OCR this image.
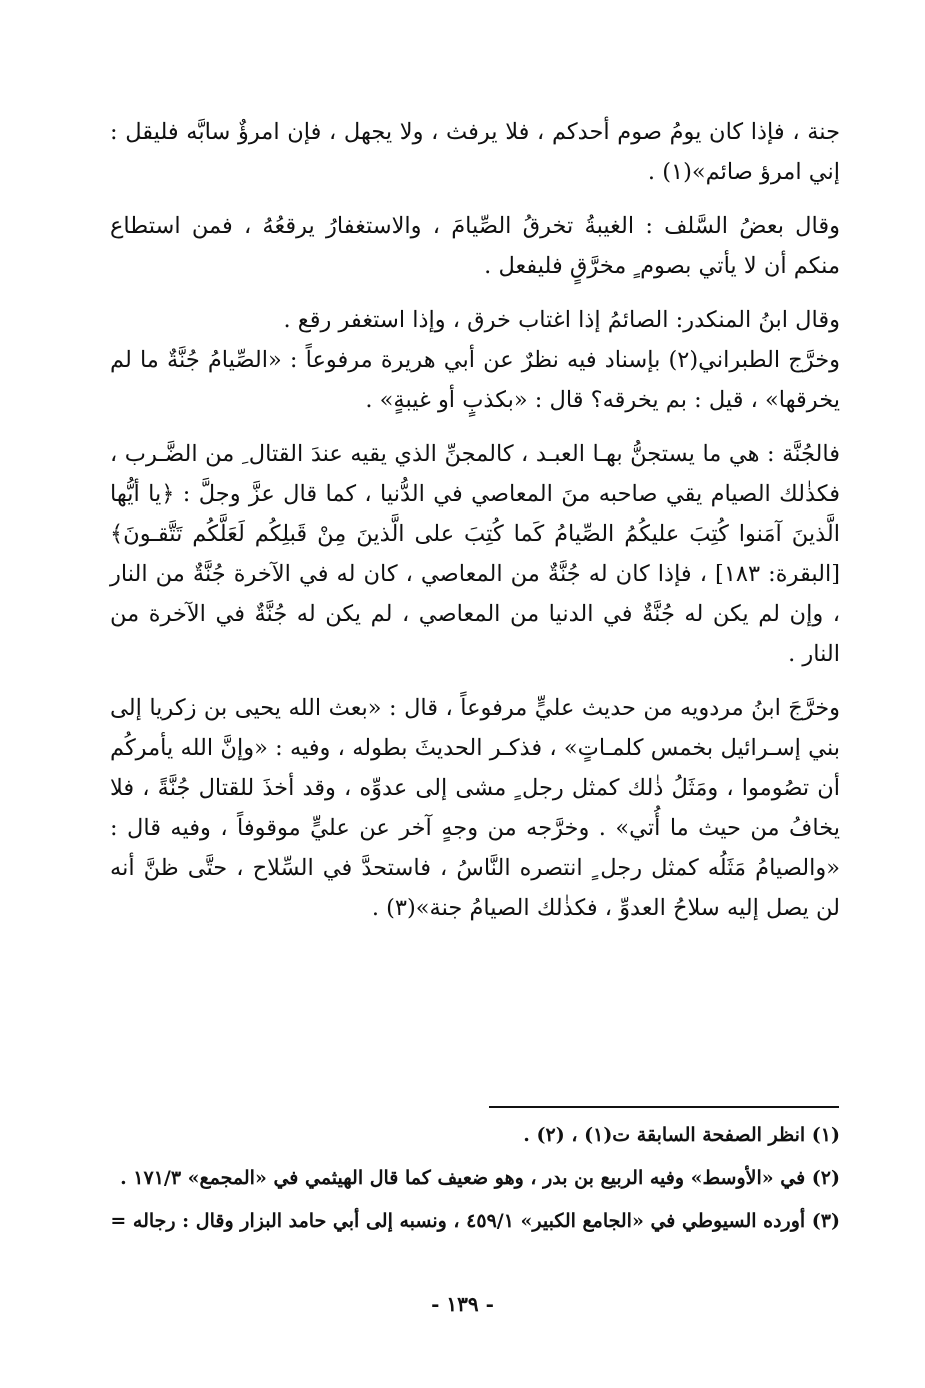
جنة ، فإذا كان يومُ صوم أحدكم ، فلا يرفث ، ولا يجهل ، فإن امرؤٌ سابَّه فليقل : إني امرؤ صائم»(١) .

وقال بعضُ السَّلف : الغيبةُ تخرقُ الصِّيامَ ، والاستغفارُ يرقعُهُ ، فمن استطاع منكم أن لا يأتي بصوم ٍ مخرَّقٍ فليفعل .

وقال ابنُ المنكدر: الصائمُ إذا اغتاب خرق ، وإذا استغفر رقع .

وخرَّج الطبراني(٢) بإسناد فيه نظرٌ عن أبي هريرة مرفوعاً : «الصِّيامُ جُنَّةٌ ما لم يخرقها» ، قيل : بم يخرقه؟ قال : «بكذبٍ أو غيبةٍ» .

فالجُنَّة : هي ما يستجنُّ بهـا العبـد ، كالمجنِّ الذي يقيه عندَ القتال ِ من الضَّـرب ، فكذٰلك الصيام يقي صاحبه منَ المعاصي في الدُّنيا ، كما قال عزَّ وجلَّ : ﴿يا أيُّها الَّذينَ آمَنوا كُتِبَ عليكُمُ الصِّيامُ كَما كُتِبَ على الَّذينَ مِنْ قَبلِكُم لَعَلَّكُم تَتَّقـونَ﴾ [البقرة: ١٨٣] ، فإذا كان له جُنَّةٌ من المعاصي ، كان له في الآخرة جُنَّةٌ من النار ، وإن لم يكن له جُنَّةٌ في الدنيا من المعاصي ، لم يكن له جُنَّةٌ في الآخرة من النار .

وخرَّجَ ابنُ مردويه من حديث عليٍّ مرفوعاً ، قال : «بعث الله يحيى بن زكريا إلى بني إسـرائيل بخمس كلمـاتٍ» ، فذكـر الحديثَ بطوله ، وفيه : «وإنَّ الله يأمركُم أن تصُوموا ، ومَثَلُ ذٰلك كمثل رجل ٍ مشى إلى عدوِّه ، وقد أخذَ للقتال جُنَّةً ، فلا يخافُ من حيث ما أُتي» . وخرَّجه من وجهٍ آخر عن عليٍّ موقوفاً ، وفيه قال : «والصيامُ مَثَلُه كمثل رجل ٍ انتصره النَّاسُ ، فاستحدَّ في السِّلاح ، حتَّى ظنَّ أنه لن يصل إليه سلاحُ العدوِّ ، فكذٰلك الصيامُ جنة»(٣) .

(١) انظر الصفحة السابقة ت(١) ، (٢) .

(٢) في «الأوسط» وفيه الربيع بن بدر ، وهو ضعيف كما قال الهيثمي في «المجمع» ١٧١/٣ .

(٣) أورده السيوطي في «الجامع الكبير» ٤٥٩/١ ، ونسبه إلى أبي حامد البزار وقال : رجاله =

- ١٣٩ -
